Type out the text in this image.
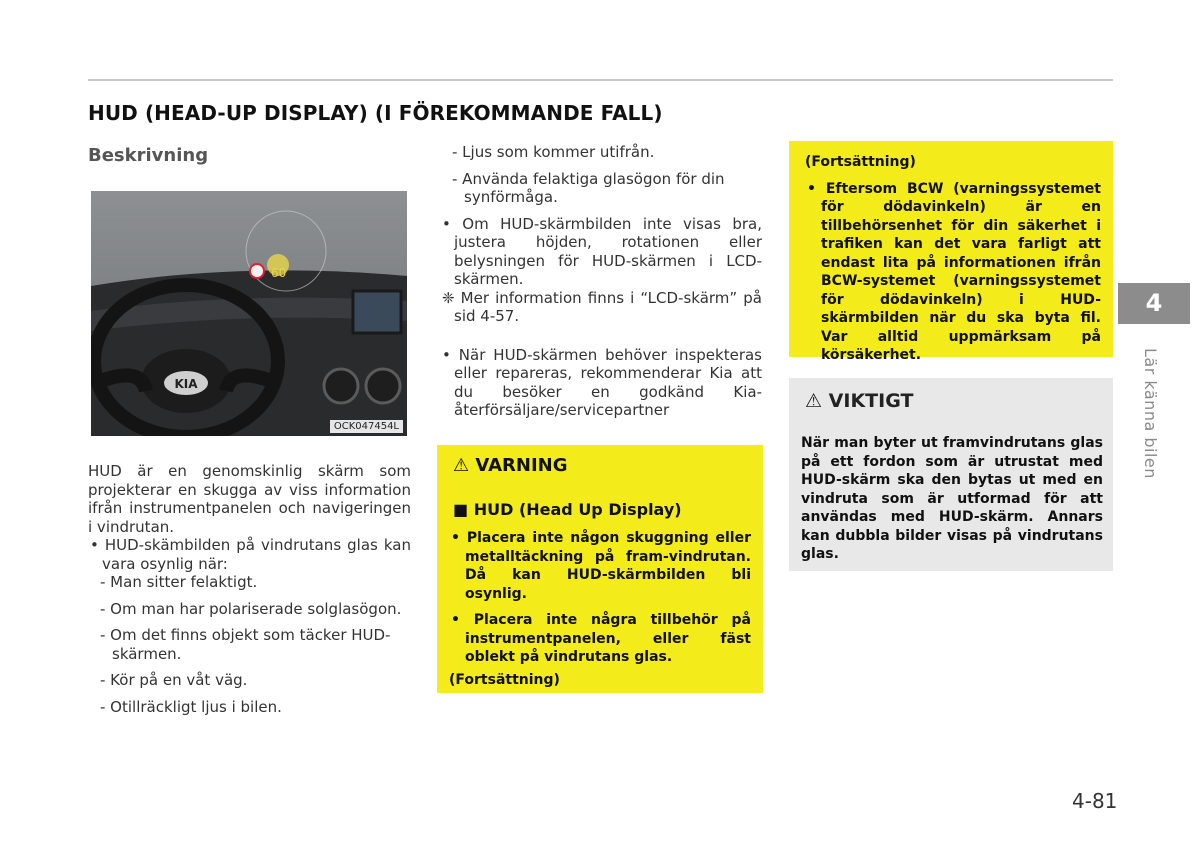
HUD (HEAD-UP DISPLAY) (I FÖREKOMMANDE FALL)
Beskrivning
60
KIA
OCK047454L

HUD är en genomskinlig skärm som projekterar en skugga av viss information ifrån instrumentpanelen och navigeringen i vindrutan.

• HUD-skämbilden på vindrutans glas kan vara osynlig när:

- Man sitter felaktigt.

- Om man har polariserade solglasögon.

- Om det finns objekt som täcker HUD-skärmen.

- Kör på en våt väg.

- Otillräckligt ljus i bilen.

- Ljus som kommer utifrån.

- Använda felaktiga glasögon för din synförmåga.

• Om HUD-skärmbilden inte visas bra, justera höjden, rotationen eller belysningen för HUD-skärmen i LCD-skärmen.

❈ Mer information finns i “LCD-skärm” på sid 4-57.

• När HUD-skärmen behöver inspekteras eller repareras, rekommenderar Kia att du besöker en godkänd Kia-återförsäljare/servicepartner

⚠ VARNING
■ HUD (Head Up Display)

• Placera inte någon skuggning eller metalltäckning på fram-vindrutan. Då kan HUD-skärmbilden bli osynlig.

• Placera inte några tillbehör på instrumentpanelen, eller fäst oblekt på vindrutans glas.

(Fortsättning)

(Fortsättning)

• Eftersom BCW (varningssystemet för dödavinkeln) är en tillbehörsenhet för din säkerhet i trafiken kan det vara farligt att endast lita på informationen ifrån BCW-systemet (varningssystemet för dödavinkeln) i HUD-skärmbilden när du ska byta fil. Var alltid uppmärksam på körsäkerhet.

⚠ VIKTIGT

När man byter ut framvindrutans glas på ett fordon som är utrustat med HUD-skärm ska den bytas ut med en vindruta som är utformad för att användas med HUD-skärm. Annars kan dubbla bilder visas på vindrutans glas.

4
Lär känna bilen
4-81
